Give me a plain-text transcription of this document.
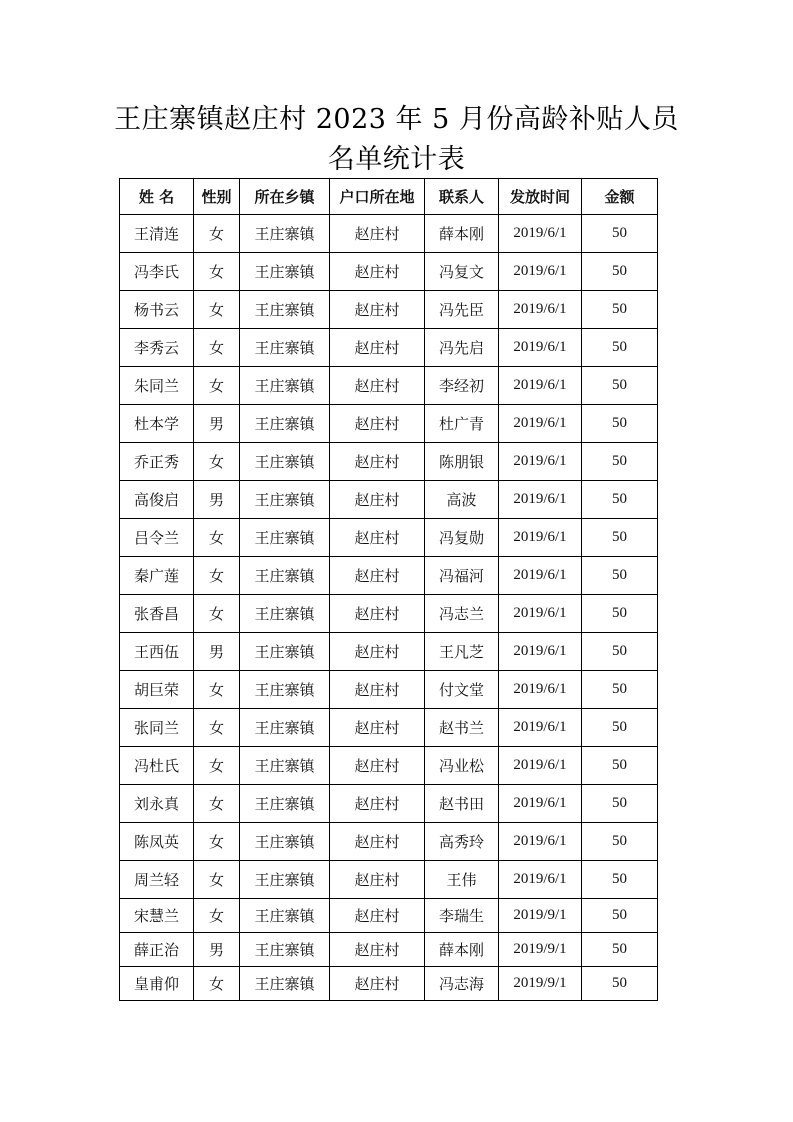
王庄寨镇赵庄村 2023 年 5 月份高龄补贴人员
名单统计表
姓 名	性别	所在乡镇	户口所在地	联系人	发放时间	金额
王清连	女	王庄寨镇	赵庄村	薛本刚	2019/6/1	50
冯李氏	女	王庄寨镇	赵庄村	冯复文	2019/6/1	50
杨书云	女	王庄寨镇	赵庄村	冯先臣	2019/6/1	50
李秀云	女	王庄寨镇	赵庄村	冯先启	2019/6/1	50
朱同兰	女	王庄寨镇	赵庄村	李经初	2019/6/1	50
杜本学	男	王庄寨镇	赵庄村	杜广青	2019/6/1	50
乔正秀	女	王庄寨镇	赵庄村	陈朋银	2019/6/1	50
高俊启	男	王庄寨镇	赵庄村	高波	2019/6/1	50
吕令兰	女	王庄寨镇	赵庄村	冯复勋	2019/6/1	50
秦广莲	女	王庄寨镇	赵庄村	冯福河	2019/6/1	50
张香昌	女	王庄寨镇	赵庄村	冯志兰	2019/6/1	50
王西伍	男	王庄寨镇	赵庄村	王凡芝	2019/6/1	50
胡巨荣	女	王庄寨镇	赵庄村	付文堂	2019/6/1	50
张同兰	女	王庄寨镇	赵庄村	赵书兰	2019/6/1	50
冯杜氏	女	王庄寨镇	赵庄村	冯业松	2019/6/1	50
刘永真	女	王庄寨镇	赵庄村	赵书田	2019/6/1	50
陈凤英	女	王庄寨镇	赵庄村	高秀玲	2019/6/1	50
周兰轻	女	王庄寨镇	赵庄村	王伟	2019/6/1	50
宋慧兰	女	王庄寨镇	赵庄村	李瑞生	2019/9/1	50
薛正治	男	王庄寨镇	赵庄村	薛本刚	2019/9/1	50
皇甫仰	女	王庄寨镇	赵庄村	冯志海	2019/9/1	50
